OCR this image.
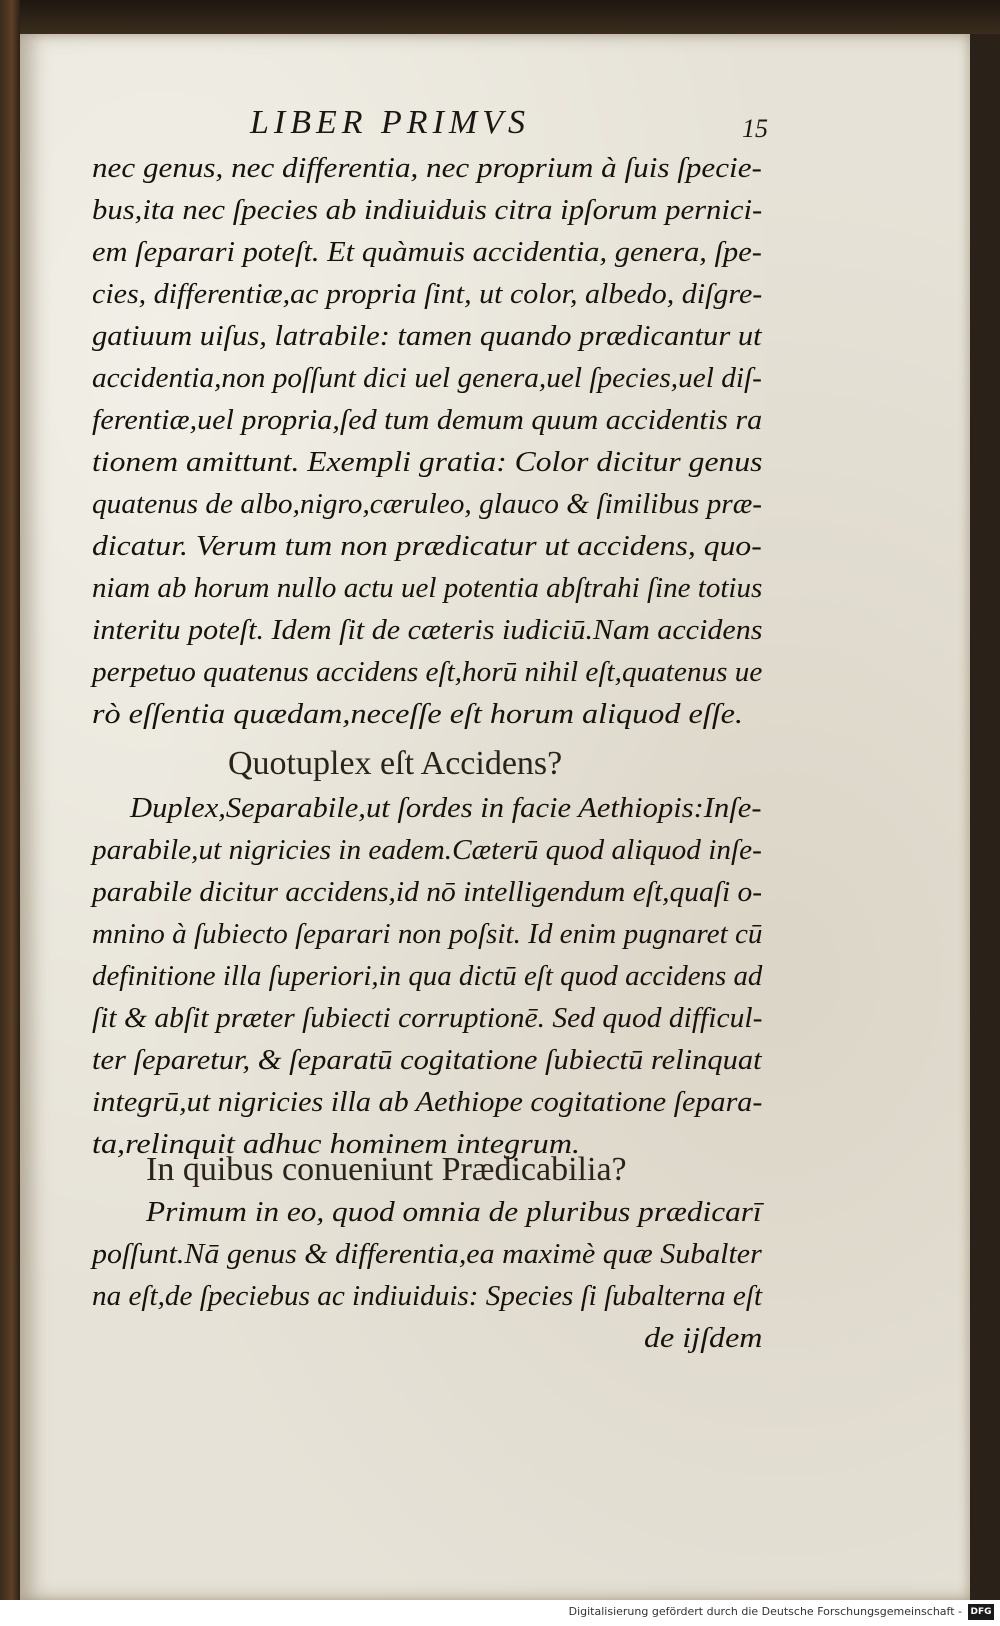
LIBER PRIMVS	15
nec genus, nec differentia, nec proprium à ſuis ſpecie-
bus,ita nec ſpecies ab indiuiduis citra ipſorum pernici-
em ſeparari poteſt. Et quàmuis accidentia, genera, ſpe-
cies, differentiæ,ac propria ſint, ut color, albedo, diſgre-
gatiuum uiſus, latrabile: tamen quando prædicantur ut
accidentia,non poſſunt dici uel genera,uel ſpecies,uel diſ-
ferentiæ,uel propria,ſed tum demum quum accidentis ra
tionem amittunt. Exempli gratia: Color dicitur genus
quatenus de albo,nigro,cæruleo, glauco & ſimilibus præ-
dicatur. Verum tum non prædicatur ut accidens, quo-
niam ab horum nullo actu uel potentia abſtrahi ſine totius
interitu poteſt. Idem ſit de cæteris iudiciū.Nam accidens
perpetuo quatenus accidens eſt,horū nihil eſt,quatenus ue
rò eſſentia quædam,neceſſe eſt horum aliquod eſſe.
Quotuplex eſt Accidens?
Duplex,Separabile,ut ſordes in facie Aethiopis:Inſe-
parabile,ut nigricies in eadem.Cæterū quod aliquod inſe-
parabile dicitur accidens,id nō intelligendum eſt,quaſi o-
mnino à ſubiecto ſeparari non poſsit. Id enim pugnaret cū
definitione illa ſuperiori,in qua dictū eſt quod accidens ad
ſit & abſit præter ſubiecti corruptionē. Sed quod difficul-
ter ſeparetur, & ſeparatū cogitatione ſubiectū relinquat
integrū,ut nigricies illa ab Aethiope cogitatione ſepara-
ta,relinquit adhuc hominem integrum.
In quibus conueniunt Prædicabilia?
Primum in eo, quod omnia de pluribus prædicarī
poſſunt.Nā genus & differentia,ea maximè quæ Subalter
na eſt,de ſpeciebus ac indiuiduis: Species ſi ſubalterna eſt
de ijſdem
Digitalisierung gefördert durch die Deutsche Forschungsgemeinschaft - DFG
